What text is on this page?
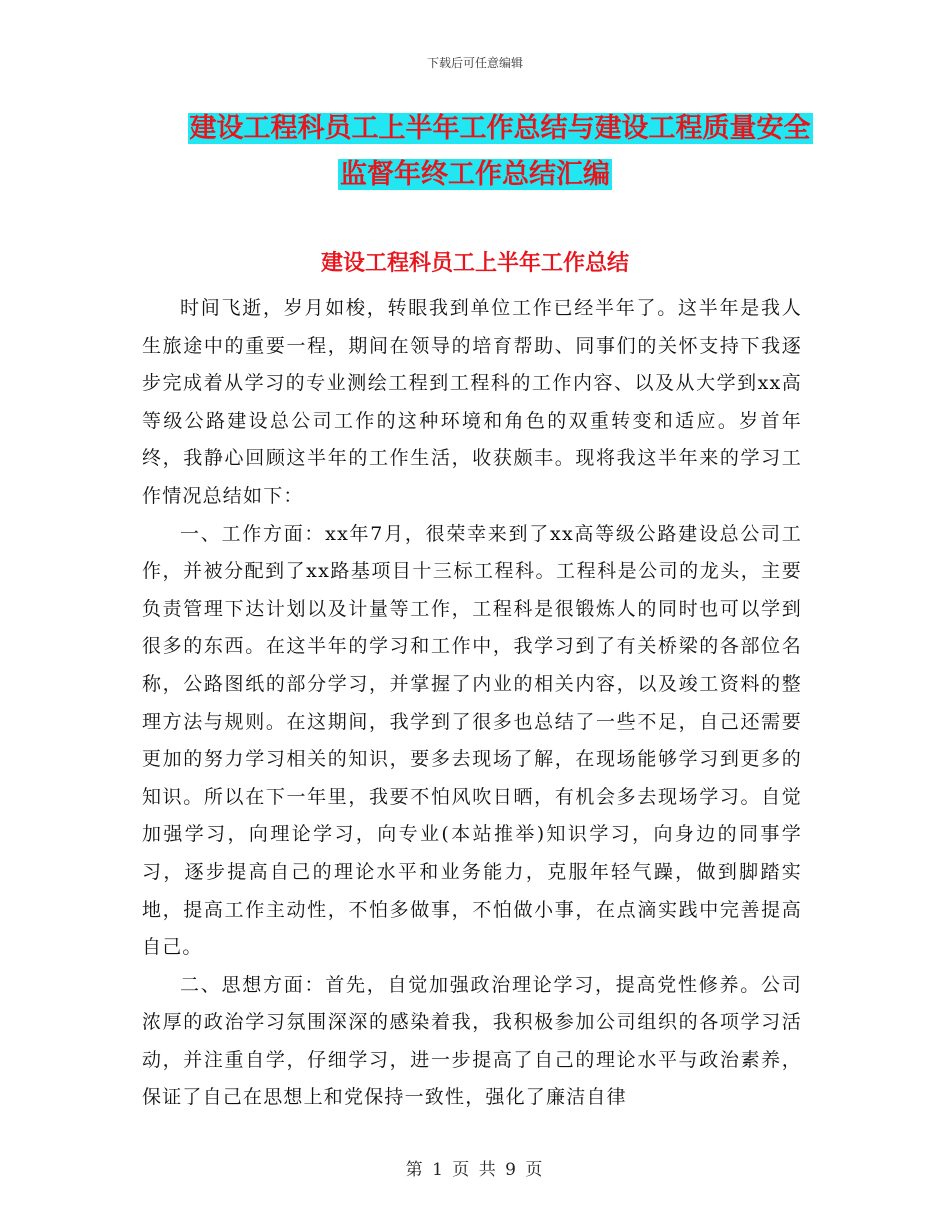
下载后可任意编辑
建设工程科员工上半年工作总结与建设工程质量安全
监督年终工作总结汇编
建设工程科员工上半年工作总结

时间飞逝，岁月如梭，转眼我到单位工作已经半年了。这半年是我人生旅途中的重要一程，期间在领导的培育帮助、同事们的关怀支持下我逐步完成着从学习的专业测绘工程到工程科的工作内容、以及从大学到xx高等级公路建设总公司工作的这种环境和角色的双重转变和适应。岁首年终，我静心回顾这半年的工作生活，收获颇丰。现将我这半年来的学习工作情况总结如下：

一、工作方面：xx年7月，很荣幸来到了xx高等级公路建设总公司工作，并被分配到了xx路基项目十三标工程科。工程科是公司的龙头，主要负责管理下达计划以及计量等工作，工程科是很锻炼人的同时也可以学到很多的东西。在这半年的学习和工作中，我学习到了有关桥梁的各部位名称，公路图纸的部分学习，并掌握了内业的相关内容，以及竣工资料的整理方法与规则。在这期间，我学到了很多也总结了一些不足，自己还需要更加的努力学习相关的知识，要多去现场了解，在现场能够学习到更多的知识。所以在下一年里，我要不怕风吹日晒，有机会多去现场学习。自觉加强学习，向理论学习，向专业(本站推举)知识学习，向身边的同事学习，逐步提高自己的理论水平和业务能力，克服年轻气躁，做到脚踏实地，提高工作主动性，不怕多做事，不怕做小事，在点滴实践中完善提高自己。

二、思想方面：首先，自觉加强政治理论学习，提高党性修养。公司浓厚的政治学习氛围深深的感染着我，我积极参加公司组织的各项学习活动，并注重自学，仔细学习，进一步提高了自己的理论水平与政治素养，保证了自己在思想上和党保持一致性，强化了廉洁自律

第 1 页 共 9 页
